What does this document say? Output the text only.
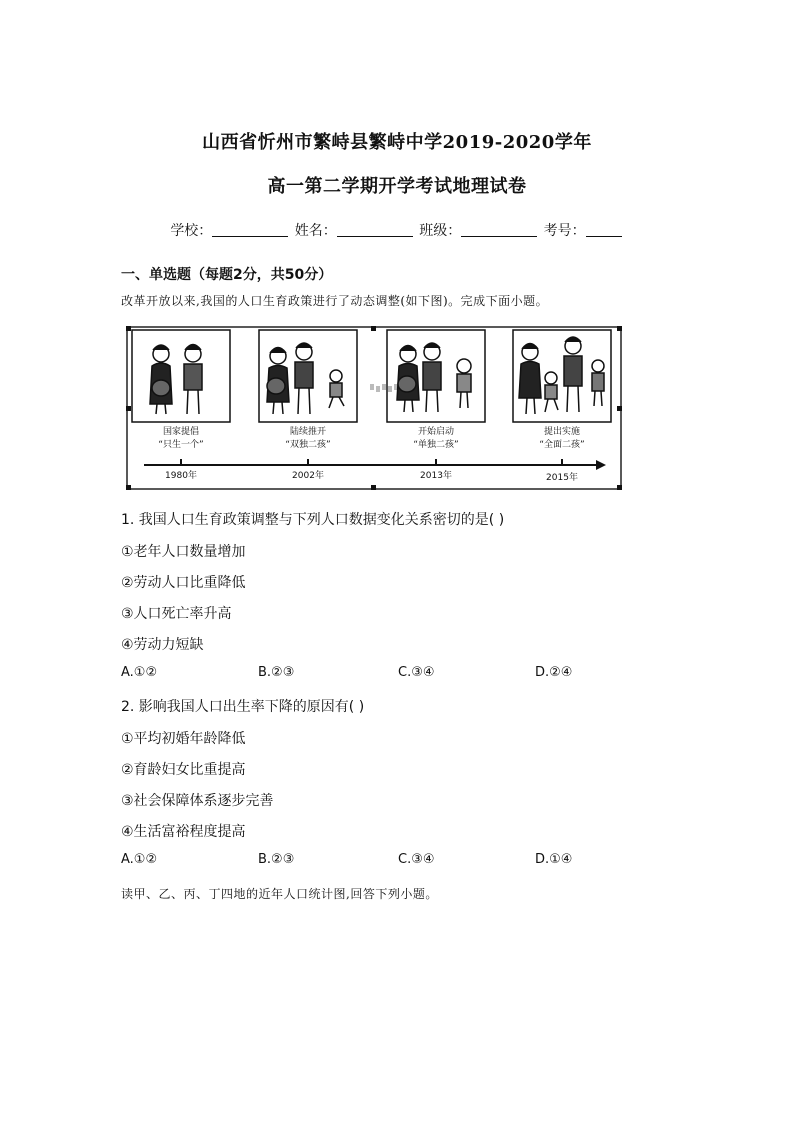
山西省忻州市繁峙县繁峙中学2019-2020学年
高一第二学期开学考试地理试卷
学校：	姓名：	班级：	考号：
一、单选题（每题2分，共50分）
改革开放以来,我国的人口生育政策进行了动态调整(如下图)。完成下面小题。
国家提倡
“只生一个”
陆续推开
“双独二孩”
开始启动
“单独二孩”
提出实施
“全面二孩”
1980年	2002年	2013年	2015年
1. 我国人口生育政策调整与下列人口数据变化关系密切的是( )
①老年人口数量增加
②劳动人口比重降低
③人口死亡率升高
④劳动力短缺
A.①②	B.②③	C.③④	D.②④
2. 影响我国人口出生率下降的原因有( )
①平均初婚年龄降低
②育龄妇女比重提高
③社会保障体系逐步完善
④生活富裕程度提高
A.①②	B.②③	C.③④	D.①④
读甲、乙、丙、丁四地的近年人口统计图,回答下列小题。
